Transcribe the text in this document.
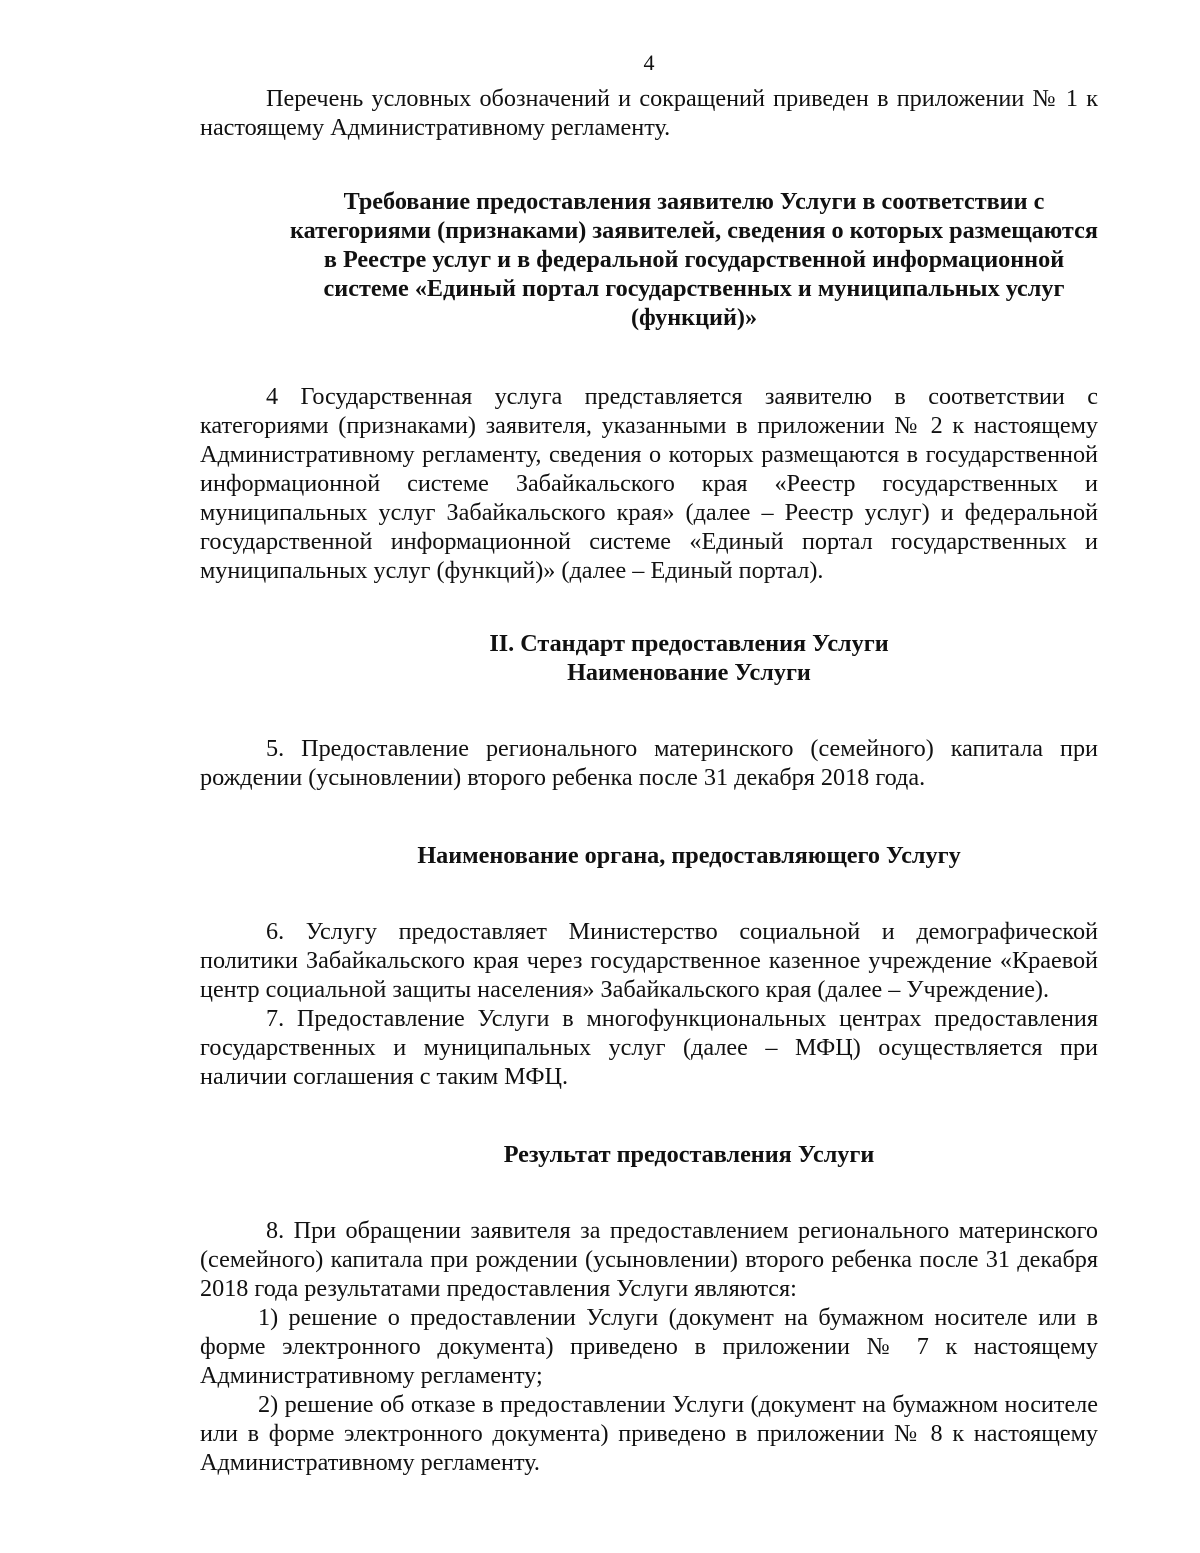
4

Перечень условных обозначений и сокращений приведен в приложении № 1 к настоящему Административному регламенту.

Требование предоставления заявителю Услуги в соответствии с категориями (признаками) заявителей, сведения о которых размещаются в Реестре услуг и в федеральной государственной информационной системе «Единый портал государственных и муниципальных услуг (функций)»

4 Государственная услуга представляется заявителю в соответствии с категориями (признаками) заявителя, указанными в приложении № 2 к настоящему Административному регламенту, сведения о которых размещаются в государственной информационной системе Забайкальского края «Реестр государственных и муниципальных услуг Забайкальского края» (далее – Реестр услуг) и федеральной государственной информационной системе «Единый портал государственных и муниципальных услуг (функций)» (далее – Единый портал).

II. Стандарт предоставления Услуги
Наименование Услуги

5. Предоставление регионального материнского (семейного) капитала при рождении (усыновлении) второго ребенка после 31 декабря 2018 года.

Наименование органа, предоставляющего Услугу

6. Услугу предоставляет Министерство социальной и демографической политики Забайкальского края через государственное казенное учреждение «Краевой центр социальной защиты населения» Забайкальского края (далее – Учреждение).

7. Предоставление Услуги в многофункциональных центрах предоставления государственных и муниципальных услуг (далее – МФЦ) осуществляется при наличии соглашения с таким МФЦ.

Результат предоставления Услуги

8. При обращении заявителя за предоставлением регионального материнского (семейного) капитала при рождении (усыновлении) второго ребенка после 31 декабря 2018 года результатами предоставления Услуги являются:

1) решение о предоставлении Услуги (документ на бумажном носителе или в форме электронного документа) приведено в приложении № 7 к настоящему Административному регламенту;

2) решение об отказе в предоставлении Услуги (документ на бумажном носителе или в форме электронного документа) приведено в приложении № 8 к настоящему Административному регламенту.
